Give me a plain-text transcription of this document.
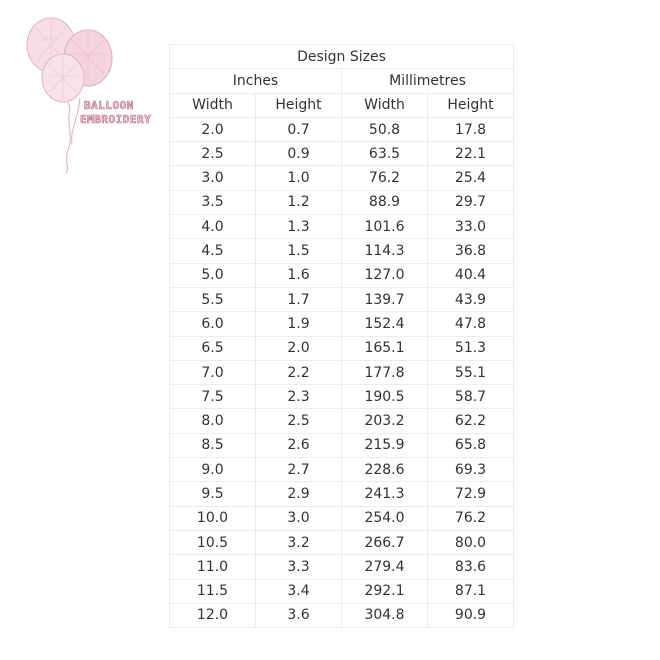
BALLOON
EMBROIDERY
Design Sizes			
Inches		Millimetres	
Width	Height	Width	Height
2.0	0.7	50.8	17.8
2.5	0.9	63.5	22.1
3.0	1.0	76.2	25.4
3.5	1.2	88.9	29.7
4.0	1.3	101.6	33.0
4.5	1.5	114.3	36.8
5.0	1.6	127.0	40.4
5.5	1.7	139.7	43.9
6.0	1.9	152.4	47.8
6.5	2.0	165.1	51.3
7.0	2.2	177.8	55.1
7.5	2.3	190.5	58.7
8.0	2.5	203.2	62.2
8.5	2.6	215.9	65.8
9.0	2.7	228.6	69.3
9.5	2.9	241.3	72.9
10.0	3.0	254.0	76.2
10.5	3.2	266.7	80.0
11.0	3.3	279.4	83.6
11.5	3.4	292.1	87.1
12.0	3.6	304.8	90.9
